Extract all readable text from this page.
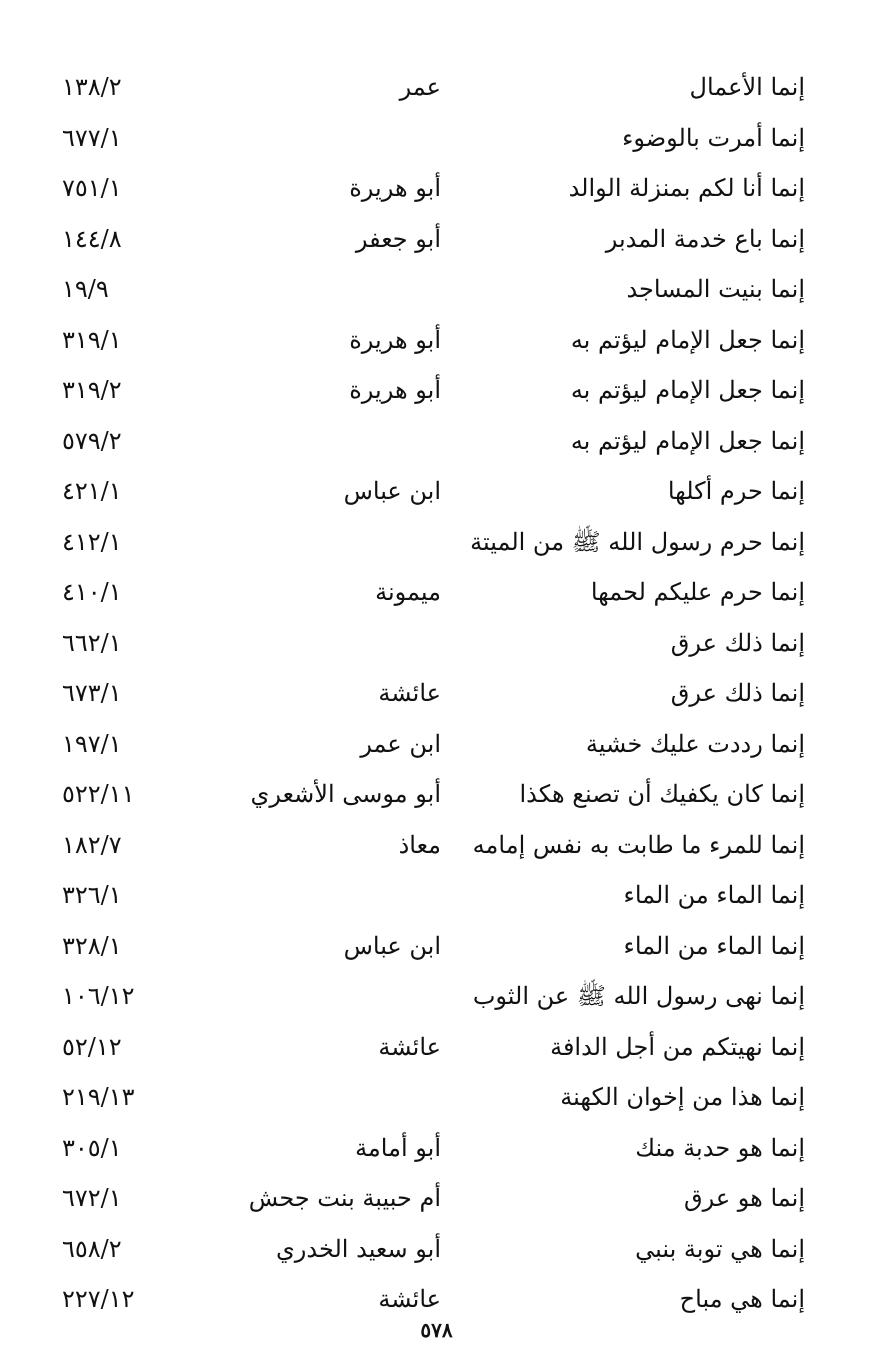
إنما الأعمال
عمر
١٣٨/٢
إنما أمرت بالوضوء
٦٧٧/١
إنما أنا لكم بمنزلة الوالد
أبو هريرة
٧٥١/١
إنما باع خدمة المدبر
أبو جعفر
١٤٤/٨
إنما بنيت المساجد
١٩/٩
إنما جعل الإمام ليؤتم به
أبو هريرة
٣١٩/١
إنما جعل الإمام ليؤتم به
أبو هريرة
٣١٩/٢
إنما جعل الإمام ليؤتم به
٥٧٩/٢
إنما حرم أكلها
ابن عباس
٤٢١/١
إنما حرم رسول الله ﷺ من الميتة
٤١٢/١
إنما حرم عليكم لحمها
ميمونة
٤١٠/١
إنما ذلك عرق
٦٦٢/١
إنما ذلك عرق
عائشة
٦٧٣/١
إنما رددت عليك خشية
ابن عمر
١٩٧/١
إنما كان يكفيك أن تصنع هكذا
أبو موسى الأشعري
٥٢٢/١١
إنما للمرء ما طابت به نفس إمامه
معاذ
١٨٢/٧
إنما الماء من الماء
٣٢٦/١
إنما الماء من الماء
ابن عباس
٣٢٨/١
إنما نهى رسول الله ﷺ عن الثوب
١٠٦/١٢
إنما نهيتكم من أجل الدافة
عائشة
٥٢/١٢
إنما هذا من إخوان الكهنة
٢١٩/١٣
إنما هو حدبة منك
أبو أمامة
٣٠٥/١
إنما هو عرق
أم حبيبة بنت جحش
٦٧٢/١
إنما هي توبة بنبي
أبو سعيد الخدري
٦٥٨/٢
إنما هي مباح
عائشة
٢٢٧/١٢
٥٧٨
